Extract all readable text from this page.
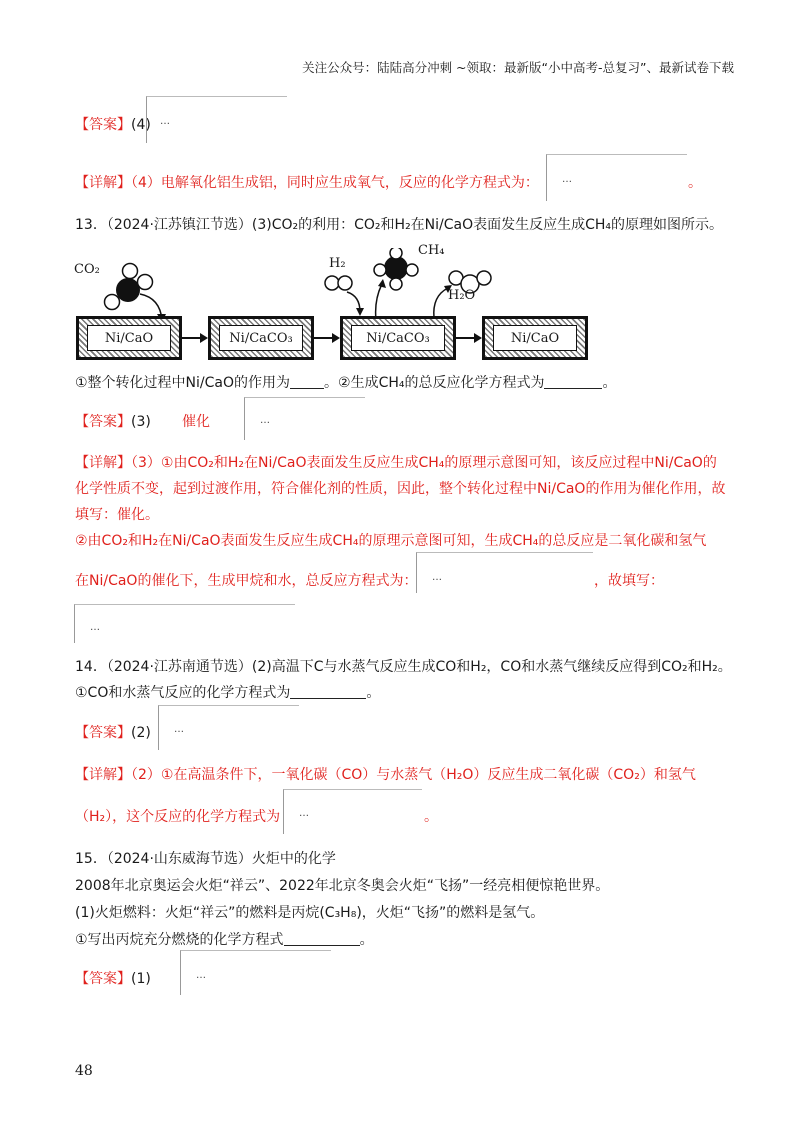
关注公众号：陆陆高分冲刺 ~领取：最新版“小中高考-总复习”、最新试卷下载
【答案】(4) …
【详解】（4）电解氧化铝生成铝，同时应生成氧气，反应的化学方程式为： …	。
13．（2024·江苏镇江节选）(3)CO₂的利用：CO₂和H₂在Ni/CaO表面发生反应生成CH₄的原理如图所示。
CO₂	H₂
CH₄
H₂O
Ni/CaO	Ni/CaCO₃	Ni/CaCO₃	Ni/CaO
①整个转化过程中Ni/CaO的作用为 。②生成CH₄的总反应化学方程式为	。
【答案】(3) 催化	…
【详解】（3）①由CO₂和H₂在Ni/CaO表面发生反应生成CH₄的原理示意图可知，该反应过程中Ni/CaO的
化学性质不变，起到过渡作用，符合催化剂的性质，因此，整个转化过程中Ni/CaO的作用为催化作用，故
填写：催化。
②由CO₂和H₂在Ni/CaO表面发生反应生成CH₄的原理示意图可知，生成CH₄的总反应是二氧化碳和氢气
在Ni/CaO的催化下，生成甲烷和水，总反应方程式为： …	，故填写：
…
14．（2024·江苏南通节选）(2)高温下C与水蒸气反应生成CO和H₂，CO和水蒸气继续反应得到CO₂和H₂。
①CO和水蒸气反应的化学方程式为	。
【答案】(2) …
【详解】（2）①在高温条件下，一氧化碳（CO）与水蒸气（H₂O）反应生成二氧化碳（CO₂）和氢气
（H₂），这个反应的化学方程式为 …	。
15．（2024·山东威海节选）火炬中的化学
2008年北京奥运会火炬“祥云”、2022年北京冬奥会火炬“飞扬”一经亮相便惊艳世界。
(1)火炬燃料：火炬“祥云”的燃料是丙烷(C₃H₈)，火炬“飞扬”的燃料是氢气。
①写出丙烷充分燃烧的化学方程式	。
【答案】(1)	…
48
